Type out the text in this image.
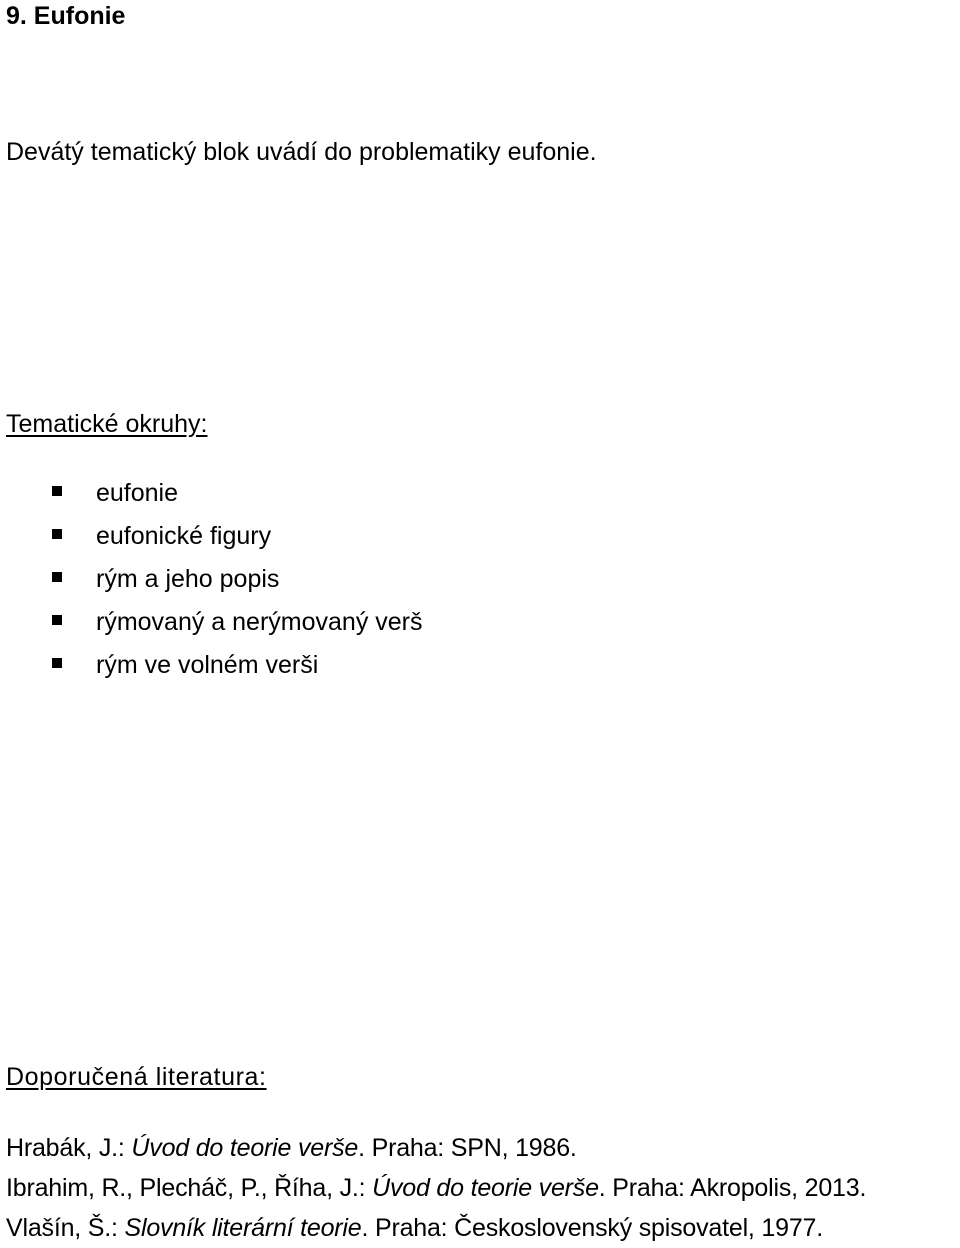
9. Eufonie
Devátý tematický blok uvádí do problematiky eufonie.
Tematické okruhy:
eufonie
eufonické figury
rým a jeho popis
rýmovaný a nerýmovaný verš
rým ve volném verši
Doporučená literatura:
Hrabák, J.: Úvod do teorie verše. Praha: SPN, 1986.
Ibrahim, R., Plecháč, P., Říha, J.: Úvod do teorie verše. Praha: Akropolis, 2013.
Vlašín, Š.: Slovník literární teorie. Praha: Československý spisovatel, 1977.
